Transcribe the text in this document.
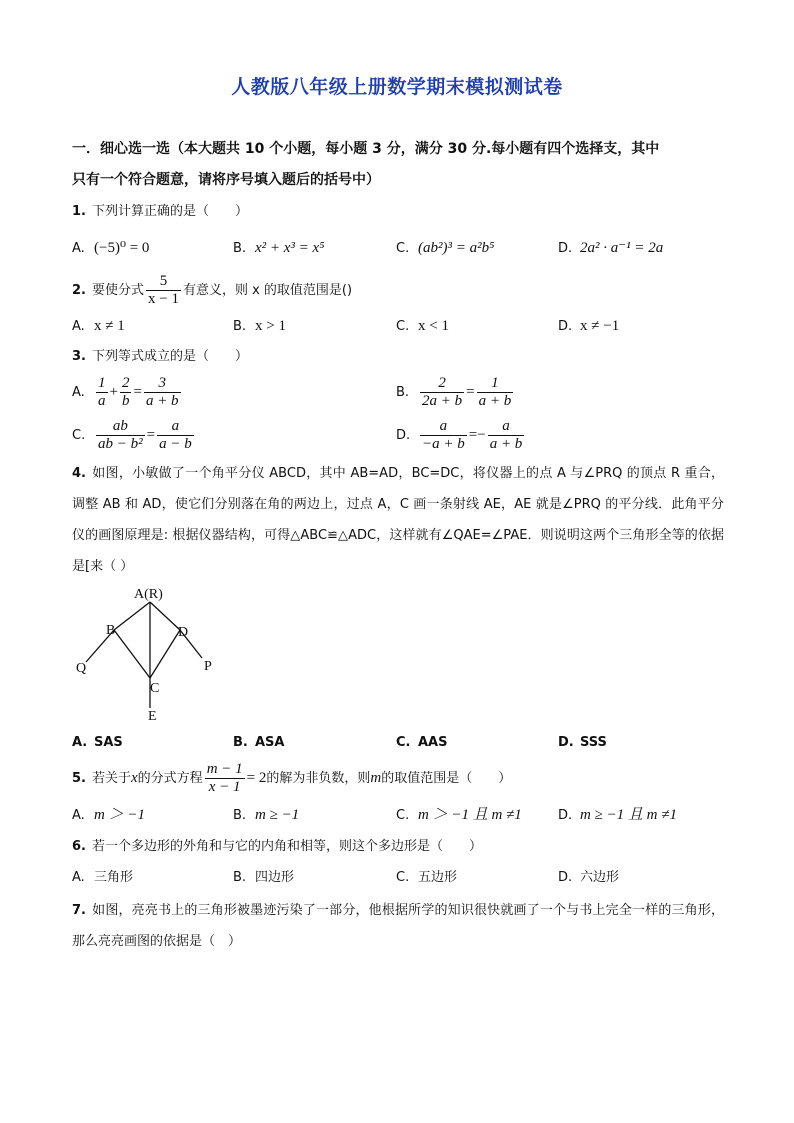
人教版八年级上册数学期末模拟测试卷
一．细心选一选（本大题共 10 个小题，每小题 3 分，满分 30 分.每小题有四个选择支，其中
只有一个符合题意，请将序号填入题后的括号中）
1. 下列计算正确的是（　　）
A. (−5)⁰ = 0	B. x² + x³ = x⁵	C. (ab²)³ = a²b⁵	D. 2a² · a⁻¹ = 2a
2. 要使分式 $\frac{5}{x - 1}$ 有意义，则 x 的取值范围是()
A. x ≠ 1	B. x > 1	C. x < 1	D. x ≠ −1
3. 下列等式成立的是（　　）
A. $\frac{1}{a} + \frac{2}{b} = \frac{3}{a + b}$	B. $\frac{2}{2a + b} = \frac{1}{a + b}$
C. $\frac{ab}{\text{ab − b²}} = \frac{a}{a - b}$	D. $\frac{a}{-a + b} =- \frac{a}{a + b}$
4. 如图，小敏做了一个角平分仪 ABCD，其中 AB=AD，BC=DC，将仪器上的点 A 与∠PRQ 的顶点 R 重合，调整 AB 和 AD，使它们分别落在角的两边上，过点 A，C 画一条射线 AE，AE 就是∠PRQ 的平分线．此角平分仪的画图原理是: 根据仪器结构，可得△ABC≌△ADC，这样就有∠QAE=∠PAE．则说明这两个三角形全等的依据是[来（ ）
A(R)
B	D
Q	P
C
E
A. SAS	B. ASA	C. AAS	D. SSS
5. 若关于x的分式方程 $\frac{m - 1}{x - 1} = 2$的解为非负数，则m的取值范围是（　　）
A. m ＞ −1	B. m ≥ −1	C. m ＞ −1 且 m ≠1	D. m ≥ −1 且 m ≠1
6. 若一个多边形的外角和与它的内角和相等，则这个多边形是（　　）
A. 三角形	B. 四边形	C. 五边形	D. 六边形
7. 如图，亮亮书上的三角形被墨迹污染了一部分，他根据所学的知识很快就画了一个与书上完全一样的三角形，那么亮亮画图的依据是（　）
